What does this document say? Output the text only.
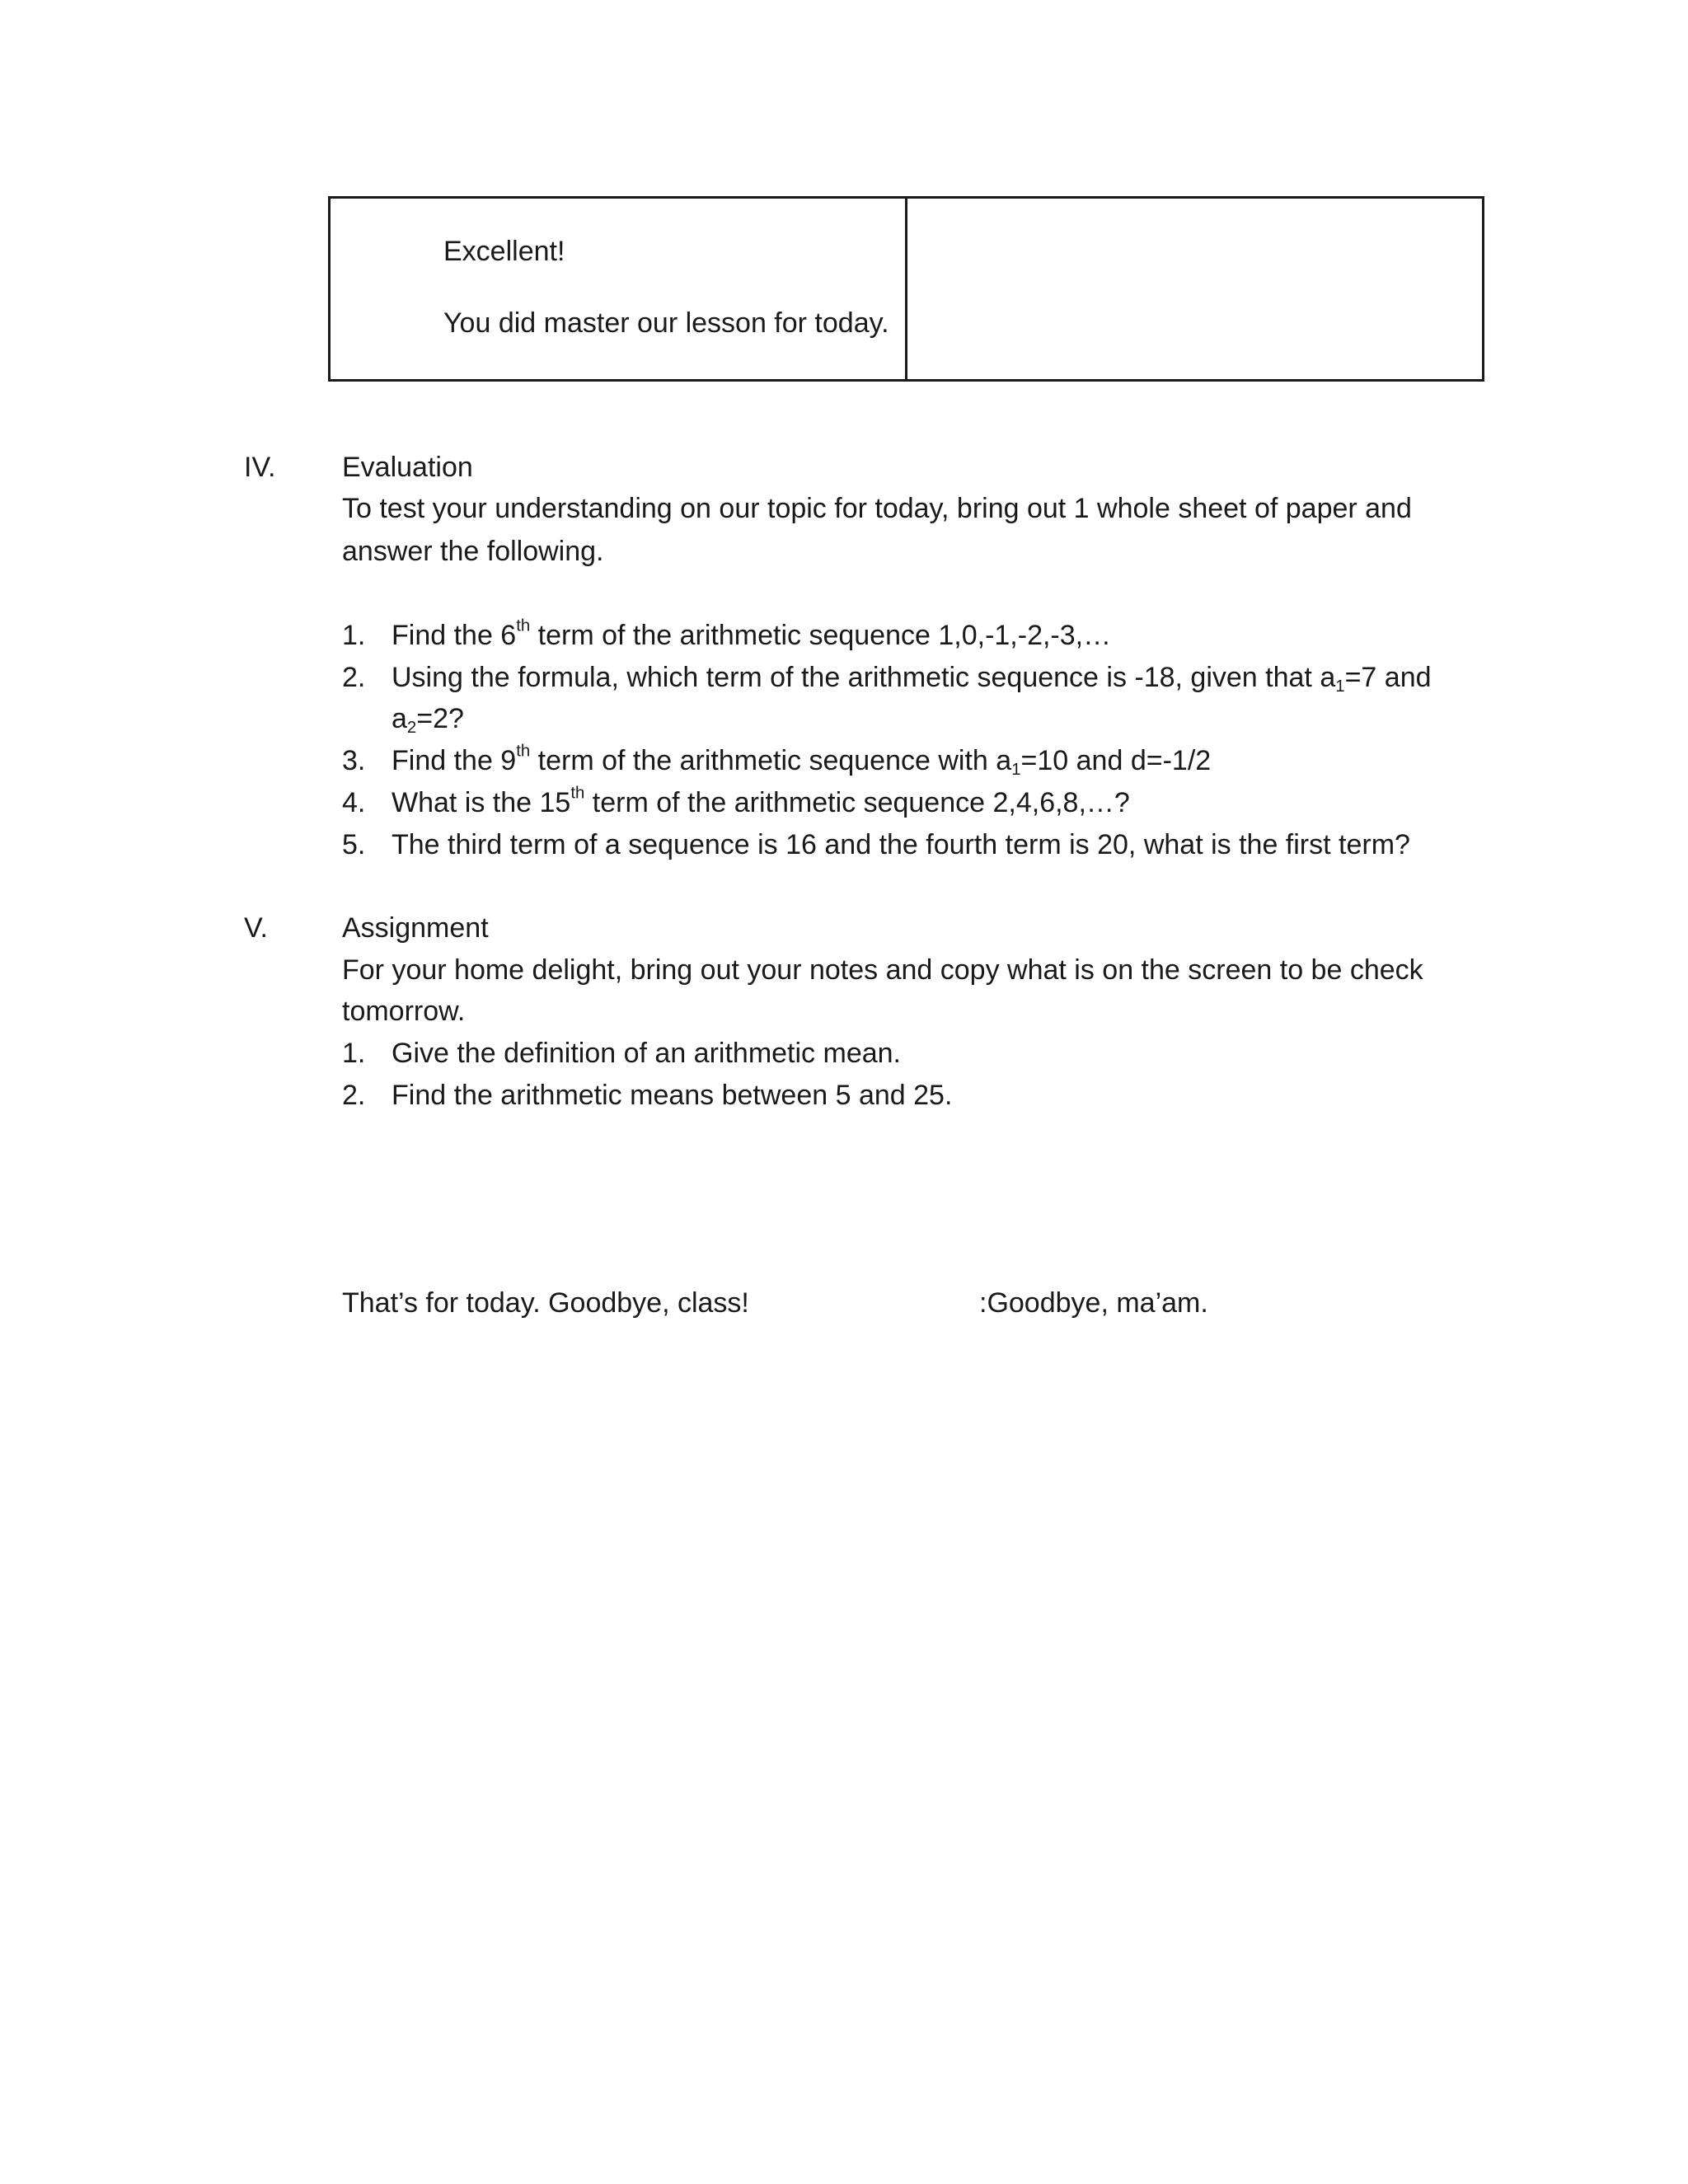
Excellent!
You did master our lesson for today.
IV. Evaluation
To test your understanding on our topic for today, bring out 1 whole sheet of paper and
answer the following.
1. Find the 6th term of the arithmetic sequence 1,0,-1,-2,-3,…
2. Using the formula, which term of the arithmetic sequence is -18, given that $a_1=7$ and
$a_2=2$?
3. Find the 9th term of the arithmetic sequence with $a_1=10$ and d=-1/2
4. What is the 15th term of the arithmetic sequence 2,4,6,8,…?
5. The third term of a sequence is 16 and the fourth term is 20, what is the first term?
V.	Assignment
For your home delight, bring out your notes and copy what is on the screen to be check
tomorrow.
1. Give the definition of an arithmetic mean.
2. Find the arithmetic means between 5 and 25.
That’s for today. Goodbye, class!	:Goodbye, ma’am.
